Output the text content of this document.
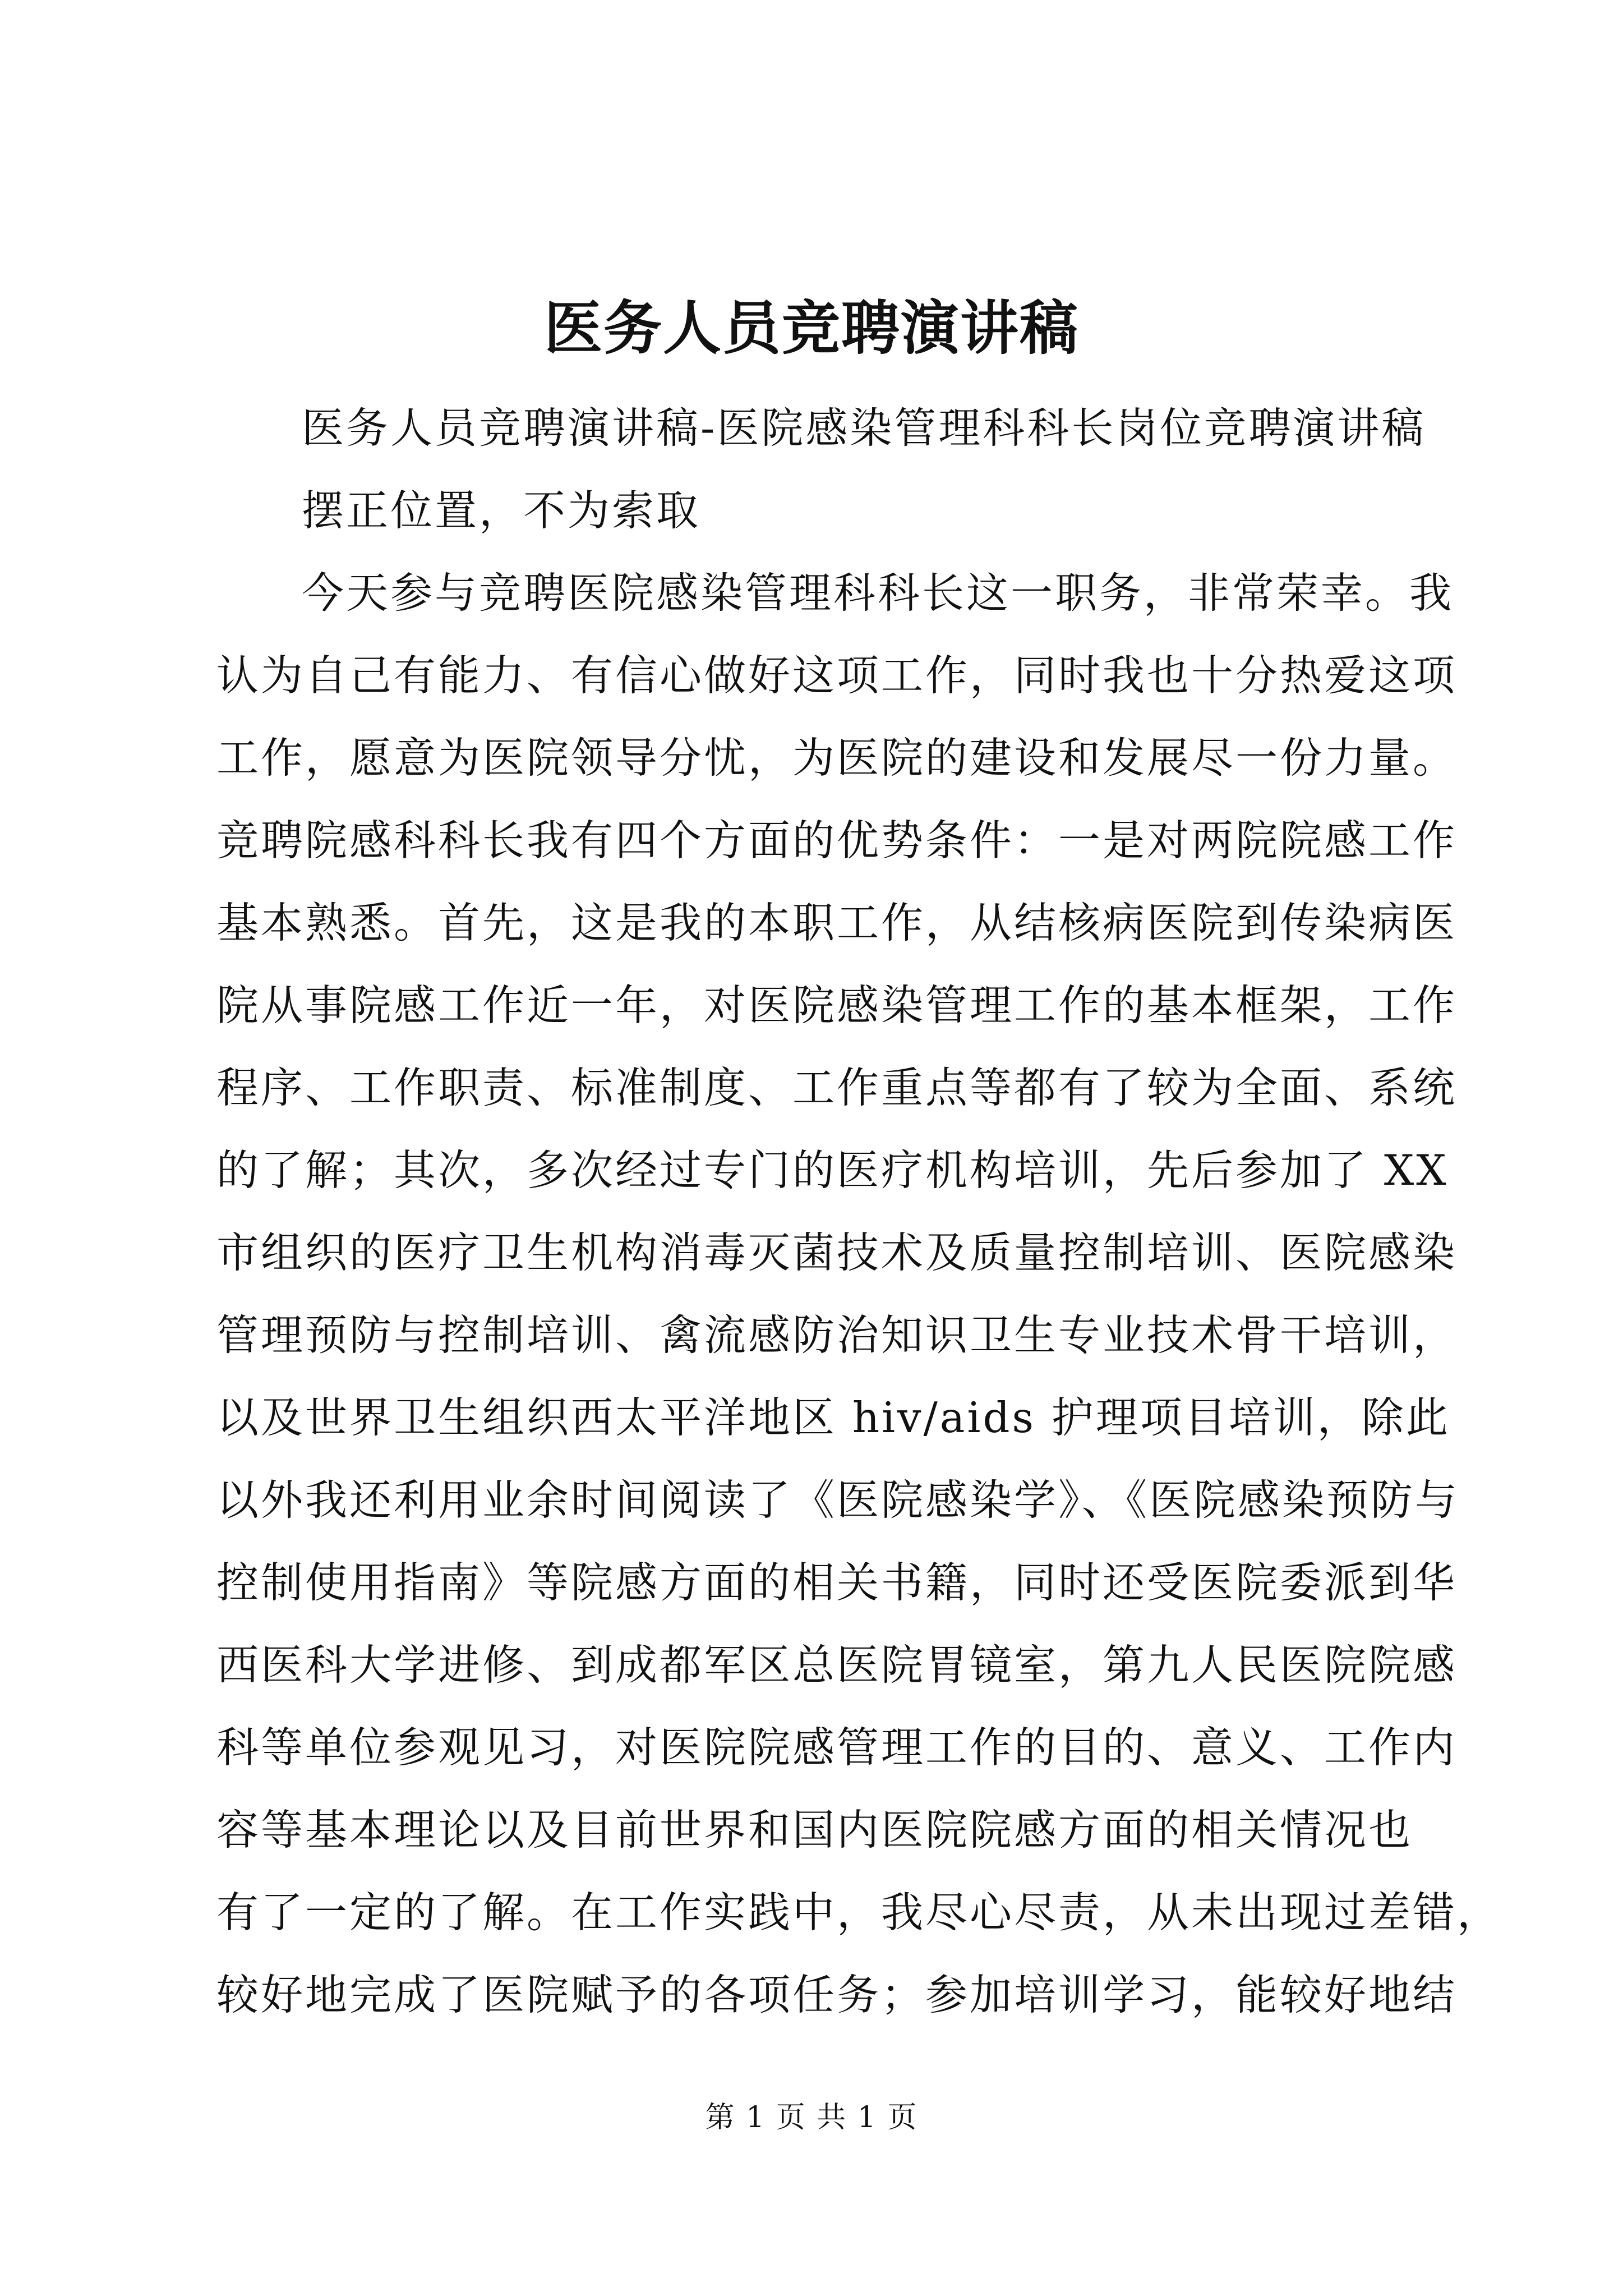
医务人员竞聘演讲稿
医务人员竞聘演讲稿-医院感染管理科科长岗位竞聘演讲稿
摆正位置，不为索取
今天参与竞聘医院感染管理科科长这一职务，非常荣幸。我
认为自己有能力、有信心做好这项工作，同时我也十分热爱这项
工作，愿意为医院领导分忧，为医院的建设和发展尽一份力量。
竞聘院感科科长我有四个方面的优势条件：一是对两院院感工作
基本熟悉。首先，这是我的本职工作，从结核病医院到传染病医
院从事院感工作近一年，对医院感染管理工作的基本框架，工作
程序、工作职责、标准制度、工作重点等都有了较为全面、系统
的了解；其次，多次经过专门的医疗机构培训，先后参加了 XX
市组织的医疗卫生机构消毒灭菌技术及质量控制培训、医院感染
管理预防与控制培训、禽流感防治知识卫生专业技术骨干培训，
以及世界卫生组织西太平洋地区 hiv/aids 护理项目培训，除此
以外我还利用业余时间阅读了《医院感染学》、《医院感染预防与
控制使用指南》等院感方面的相关书籍，同时还受医院委派到华
西医科大学进修、到成都军区总医院胃镜室，第九人民医院院感
科等单位参观见习，对医院院感管理工作的目的、意义、工作内
容等基本理论以及目前世界和国内医院院感方面的相关情况也
有了一定的了解。在工作实践中，我尽心尽责，从未出现过差错，
较好地完成了医院赋予的各项任务；参加培训学习，能较好地结
第 1 页 共 1 页
